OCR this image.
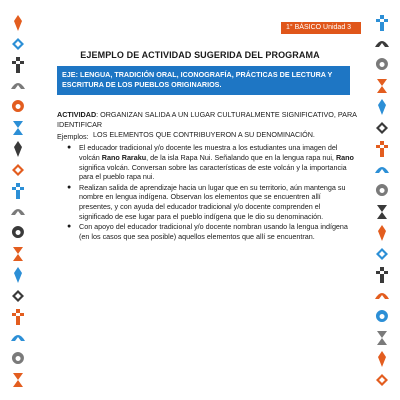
1° BÁSICO Unidad 3
EJEMPLO DE ACTIVIDAD SUGERIDA DEL PROGRAMA
EJE: LENGUA, TRADICIÓN ORAL, ICONOGRAFÍA, PRÁCTICAS DE LECTURA Y ESCRITURA DE LOS PUEBLOS ORIGINARIOS.
ACTIVIDAD: ORGANIZAN SALIDA A UN LUGAR CULTURALMENTE SIGNIFICATIVO, PARA IDENTIFICAR
LOS ELEMENTOS QUE CONTRIBUYERON A SU DENOMINACIÓN.
Ejemplos:
● El educador tradicional y/o docente les muestra a los estudiantes una imagen del volcán Rano Raraku, de la isla Rapa Nui. Señalando que en la lengua rapa nui, Rano significa volcán. Conversan sobre las características de este volcán y la importancia para el pueblo rapa nui.
● Realizan salida de aprendizaje hacia un lugar que en su territorio, aún mantenga su nombre en lengua indígena. Observan los elementos que se encuentren allí presentes, y con ayuda del educador tradicional y/o docente comprenden el significado de ese lugar para el pueblo indígena que le dio su denominación.
● Con apoyo del educador tradicional y/o docente nombran usando la lengua indígena (en los casos que sea posible) aquellos elementos que allí se encuentran.
